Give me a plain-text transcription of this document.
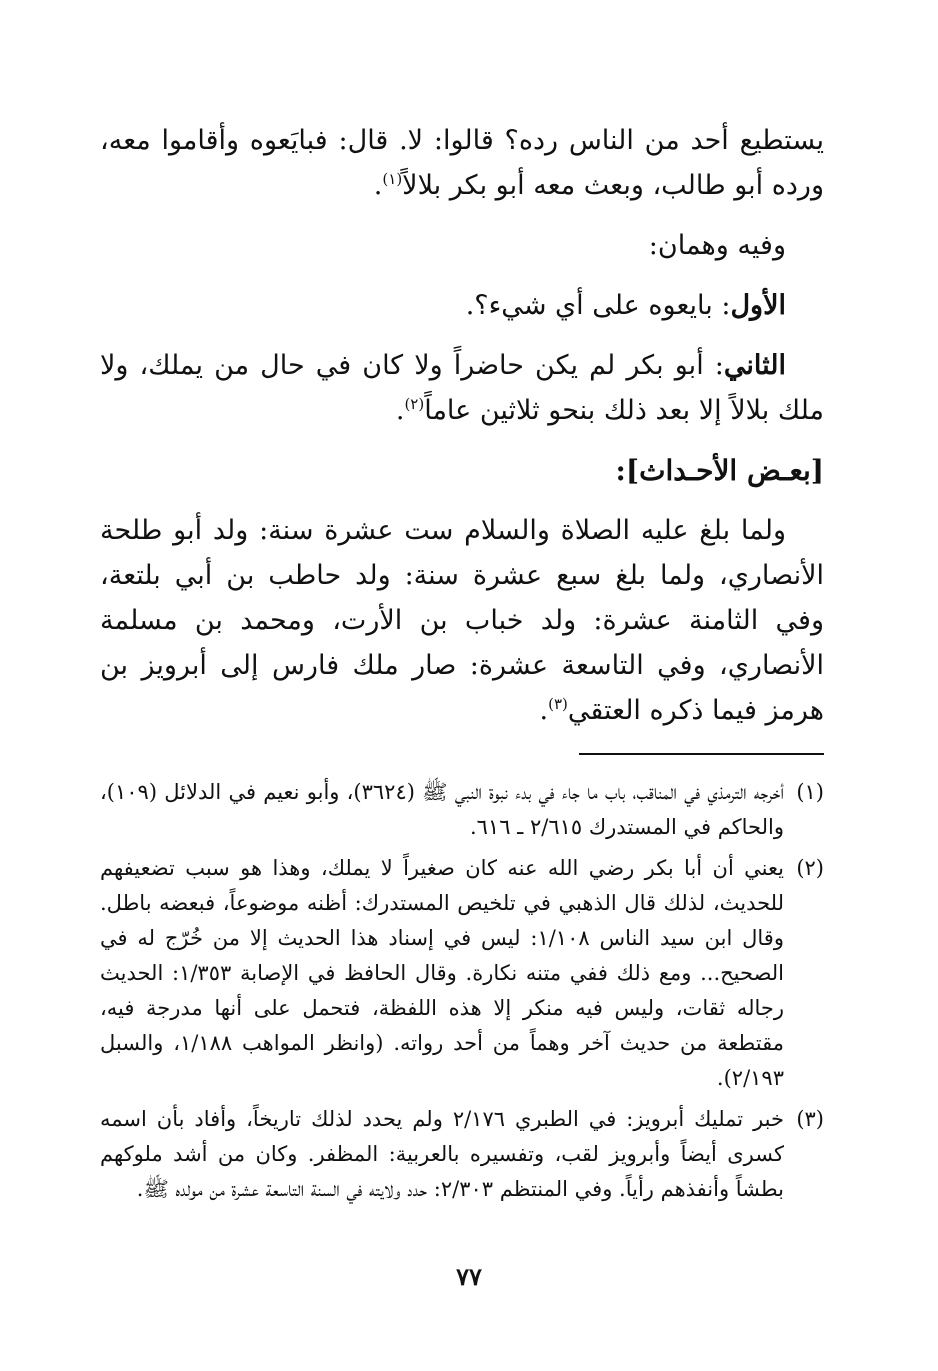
يستطيع أحد من الناس رده؟ قالوا: لا. قال: فبايَعوه وأقاموا معه، ورده أبو طالب، وبعث معه أبو بكر بلالاً$^{(١)}$.

وفيه وهمان:

الأول: بايعوه على أي شيء؟.

الثاني: أبو بكر لم يكن حاضراً ولا كان في حال من يملك، ولا ملك بلالاً إلا بعد ذلك بنحو ثلاثين عاماً$^{(٢)}$.

[بعـض الأحـداث]:

ولما بلغ عليه الصلاة والسلام ست عشرة سنة: ولد أبو طلحة الأنصاري، ولما بلغ سبع عشرة سنة: ولد حاطب بن أبي بلتعة، وفي الثامنة عشرة: ولد خباب بن الأرت، ومحمد بن مسلمة الأنصاري، وفي التاسعة عشرة: صار ملك فارس إلى أبرويز بن هرمز فيما ذكره العتقي$^{(٣)}$.

(١)
أخرجه الترمذي في المناقب، باب ما جاء في بدء نبوة النبي ﷺ (٣٦٢٤)، وأبو نعيم في الدلائل (١٠٩)، والحاكم في المستدرك ٢/٦١٥ ـ ٦١٦.
(٢)
يعني أن أبا بكر رضي الله عنه كان صغيراً لا يملك، وهذا هو سبب تضعيفهم للحديث، لذلك قال الذهبي في تلخيص المستدرك: أظنه موضوعاً، فبعضه باطل. وقال ابن سيد الناس ١/١٠٨: ليس في إسناد هذا الحديث إلا من خُرّج له في الصحيح... ومع ذلك ففي متنه نكارة. وقال الحافظ في الإصابة ١/٣٥٣: الحديث رجاله ثقات، وليس فيه منكر إلا هذه اللفظة، فتحمل على أنها مدرجة فيه، مقتطعة من حديث آخر وهماً من أحد رواته. (وانظر المواهب ١/١٨٨، والسبل ٢/١٩٣).
(٣)
خبر تمليك أبرويز: في الطبري ٢/١٧٦ ولم يحدد لذلك تاريخاً، وأفاد بأن اسمه كسرى أيضاً وأبرويز لقب، وتفسيره بالعربية: المظفر. وكان من أشد ملوكهم بطشاً وأنفذهم رأياً. وفي المنتظم ٢/٣٠٣: حدد ولايته في السنة التاسعة عشرة من مولده ﷺ.
٧٧
